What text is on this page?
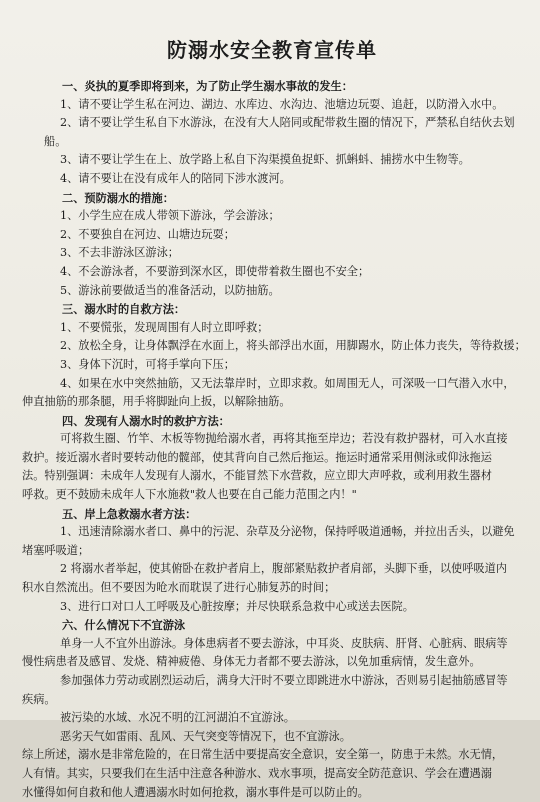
防溺水安全教育宣传单
一、炎执的夏季即将到来，为了防止学生溺水事故的发生：
1、请不要让学生私在河边、湖边、水库边、水沟边、池塘边玩耍、追赶，以防滑入水中。
2、请不要让学生私自下水游泳，在没有大人陪同或配带救生圈的情况下，严禁私自结伙去划
船。
3、请不要让学生在上、放学路上私自下沟渠摸鱼捉虾、抓蝌蚪、捕捞水中生物等。
4、请不要让在没有成年人的陪同下涉水渡河。
二、预防溺水的措施：
1、小学生应在成人带领下游泳，学会游泳；
2、不要独自在河边、山塘边玩耍；
3、不去非游泳区游泳；
4、不会游泳者，不要游到深水区，即使带着救生圈也不安全；
5、游泳前要做适当的准备活动，以防抽筋。
三、溺水时的自救方法：
1、不要慌张，发现周围有人时立即呼救；
2、放松全身，让身体飘浮在水面上，将头部浮出水面，用脚踢水，防止体力丧失，等待救援；
3、身体下沉时，可将手掌向下压；
4、如果在水中突然抽筋，又无法靠岸时，立即求救。如周围无人，可深吸一口气潜入水中，
伸直抽筋的那条腿，用手将脚趾向上扳，以解除抽筋。
四、发现有人溺水时的救护方法：
可将救生圈、竹竿、木板等物抛给溺水者，再将其拖至岸边；若没有救护器材，可入水直接
救护。接近溺水者时要转动他的髋部，使其背向自己然后拖运。拖运时通常采用侧泳或仰泳拖运
法。特别强调：未成年人发现有人溺水，不能冒然下水营救，应立即大声呼救，或利用救生器材
呼救。更不鼓励未成年人下水施救"救人也要在自己能力范围之内！"
五、岸上急救溺水者方法：
1、迅速清除溺水者口、鼻中的污泥、杂草及分泌物，保持呼吸道通畅，并拉出舌头，以避免
堵塞呼吸道；
2 将溺水者举起，使其俯卧在救护者肩上，腹部紧贴救护者肩部，头脚下垂，以使呼吸道内
积水自然流出。但不要因为呛水而耽误了进行心肺复苏的时间；
3、进行口对口人工呼吸及心脏按摩；并尽快联系急救中心或送去医院。
六、什么情况下不宜游泳
单身一人不宜外出游泳。身体患病者不要去游泳，中耳炎、皮肤病、肝肾、心脏病、眼病等
慢性病患者及感冒、发烧、精神疲倦、身体无力者都不要去游泳，以免加重病情，发生意外。
参加强体力劳动或剧烈运动后，满身大汗时不要立即跳进水中游泳，否则易引起抽筋感冒等
疾病。
被污染的水域、水况不明的江河湖泊不宜游泳。
恶劣天气如雷雨、乱风、天气突变等情况下，也不宜游泳。
综上所述，溺水是非常危险的，在日常生活中要提高安全意识，安全第一，防患于未然。水无情，
人有情。其实，只要我们在生活中注意各种游水、戏水事项，提高安全防范意识、学会在遭遇溺
水懂得如何自救和他人遭遇溺水时如何抢救，溺水事件是可以防止的。
